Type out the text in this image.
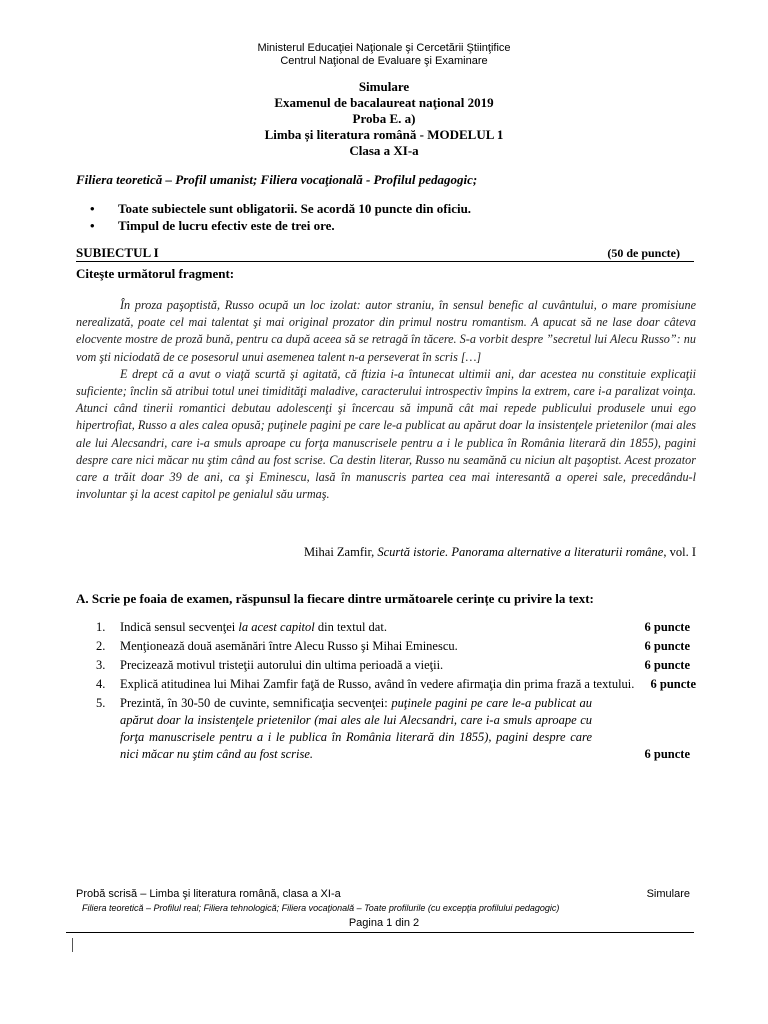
Ministerul Educaţiei Naţionale şi Cercetării Ştiinţifice
Centrul Naţional de Evaluare şi Examinare
Simulare
Examenul de bacalaureat naţional 2019
Proba E. a)
Limba și literatura română - MODELUL 1
Clasa a XI-a
Filiera teoretică – Profil umanist; Filiera vocaţională - Profilul pedagogic;
• Toate subiectele sunt obligatorii. Se acordă 10 puncte din oficiu.
• Timpul de lucru efectiv este de trei ore.
SUBIECTUL I	(50 de puncte)
Citeşte următorul fragment:

În proza paşoptistă, Russo ocupă un loc izolat: autor straniu, în sensul benefic al cuvântului, o mare promisiune nerealizată, poate cel mai talentat şi mai original prozator din primul nostru romantism. A apucat să ne lase doar câteva elocvente mostre de proză bună, pentru ca după aceea să se retragă în tăcere. S-a vorbit despre ”secretul lui Alecu Russo”: nu vom şti niciodată de ce posesorul unui asemenea talent n-a perseverat în scris […]

E drept că a avut o viaţă scurtă şi agitată, că ftizia i-a întunecat ultimii ani, dar acestea nu constituie explicaţii suficiente; înclin să atribui totul unei timidităţi maladive, caracterului introspectiv împins la extrem, care i-a paralizat voinţa. Atunci când tinerii romantici debutau adolescenţi şi încercau să impună cât mai repede publicului produsele unui ego hipertrofiat, Russo a ales calea opusă; puţinele pagini pe care le-a publicat au apărut doar la insistenţele prietenilor (mai ales ale lui Alecsandri, care i-a smuls aproape cu forţa manuscrisele pentru a i le publica în România literară din 1855), pagini despre care nici măcar nu ştim când au fost scrise. Ca destin literar, Russo nu seamănă cu niciun alt paşoptist. Acest prozator care a trăit doar 39 de ani, ca şi Eminescu, lasă în manuscris partea cea mai interesantă a operei sale, precedându-l involuntar şi la acest capitol pe genialul său urmaş.

Mihai Zamfir, Scurtă istorie. Panorama alternative a literaturii române, vol. I
A. Scrie pe foaia de examen, răspunsul la fiecare dintre următoarele cerințe cu privire la text:
1. Indică sensul secvenţei la acest capitol din textul dat.	6 puncte
2. Menţionează două asemănări între Alecu Russo şi Mihai Eminescu.	6 puncte
3. Precizează motivul tristeţii autorului din ultima perioadă a vieţii.	6 puncte
4. Explică atitudinea lui Mihai Zamfir faţă de Russo, având în vedere afirmaţia din prima frază a textului.	6 puncte
5. Prezintă, în 30-50 de cuvinte, semnificaţia secvenţei: puţinele pagini pe care le-a publicat au apărut doar la insistenţele prietenilor (mai ales ale lui Alecsandri, care i-a smuls aproape cu forţa manuscrisele pentru a i le publica în România literară din 1855), pagini despre care nici măcar nu ştim când au fost scrise.	6 puncte
Probă scrisă – Limba şi literatura română, clasa a XI-a	Simulare
Filiera teoretică – Profilul real; Filiera tehnologică; Filiera vocaţională – Toate profilurile (cu excepţia profilului pedagogic)
Pagina 1 din 2
